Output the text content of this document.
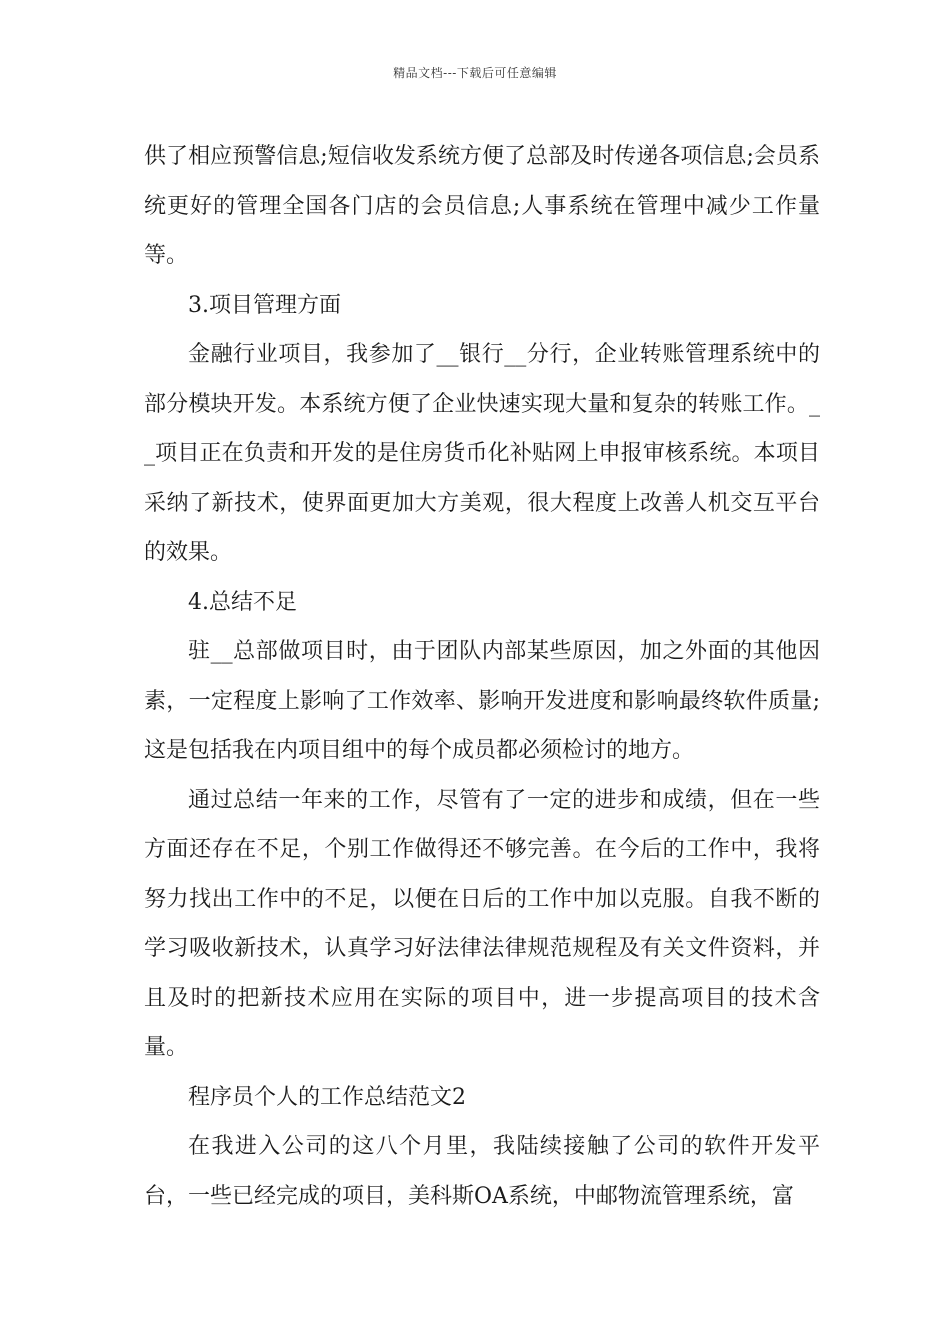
精品文档---下载后可任意编辑

供了相应预警信息;短信收发系统方便了总部及时传递各项信息;会员系统更好的管理全国各门店的会员信息;人事系统在管理中减少工作量等。

3.项目管理方面

金融行业项目，我参加了__银行__分行，企业转账管理系统中的部分模块开发。本系统方便了企业快速实现大量和复杂的转账工作。__项目正在负责和开发的是住房货币化补贴网上申报审核系统。本项目采纳了新技术，使界面更加大方美观，很大程度上改善人机交互平台的效果。

4.总结不足

驻__总部做项目时，由于团队内部某些原因，加之外面的其他因素，一定程度上影响了工作效率、影响开发进度和影响最终软件质量;这是包括我在内项目组中的每个成员都必须检讨的地方。

通过总结一年来的工作，尽管有了一定的进步和成绩，但在一些方面还存在不足，个别工作做得还不够完善。在今后的工作中，我将努力找出工作中的不足，以便在日后的工作中加以克服。自我不断的学习吸收新技术，认真学习好法律法律规范规程及有关文件资料，并且及时的把新技术应用在实际的项目中，进一步提高项目的技术含量。

程序员个人的工作总结范文2

在我进入公司的这八个月里，我陆续接触了公司的软件开发平台，一些已经完成的项目，美科斯OA系统，中邮物流管理系统，富
